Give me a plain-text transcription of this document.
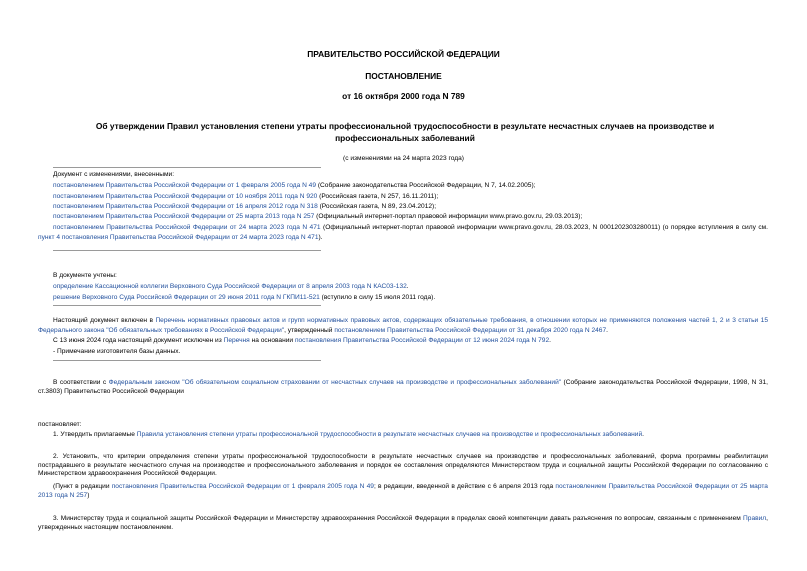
ПРАВИТЕЛЬСТВО РОССИЙСКОЙ ФЕДЕРАЦИИ
ПОСТАНОВЛЕНИЕ
от 16 октября 2000 года N 789
Об утверждении Правил установления степени утраты профессиональной трудоспособности в результате несчастных случаев на производстве и профессиональных заболеваний
(с изменениями на 24 марта 2023 года)
Документ с изменениями, внесенными:
постановлением Правительства Российской Федерации от 1 февраля 2005 года N 49 (Собрание законодательства Российской Федерации, N 7, 14.02.2005);
постановлением Правительства Российской Федерации от 10 ноября 2011 года N 920 (Российская газета, N 257, 16.11.2011);
постановлением Правительства Российской Федерации от 16 апреля 2012 года N 318 (Российская газета, N 89, 23.04.2012);
постановлением Правительства Российской Федерации от 25 марта 2013 года N 257 (Официальный интернет-портал правовой информации www.pravo.gov.ru, 29.03.2013);
постановлением Правительства Российской Федерации от 24 марта 2023 года N 471 (Официальный интернет-портал правовой информации www.pravo.gov.ru, 28.03.2023, N 0001202303280011) (о порядке вступления в силу см. пункт 4 постановления Правительства Российской Федерации от 24 марта 2023 года N 471).
В документе учтены:
определение Кассационной коллегии Верховного Суда Российской Федерации от 8 апреля 2003 года N КАС03-132.
решение Верховного Суда Российской Федерации от 29 июня 2011 года N ГКПИ11-521 (вступило в силу 15 июля 2011 года).
Настоящий документ включен в Перечень нормативных правовых актов и групп нормативных правовых актов, содержащих обязательные требования, в отношении которых не применяются положения частей 1, 2 и 3 статьи 15 Федерального закона "Об обязательных требованиях в Российской Федерации", утвержденный постановлением Правительства Российской Федерации от 31 декабря 2020 года N 2467.
С 13 июня 2024 года настоящий документ исключен из Перечня на основании постановления Правительства Российской Федерации от 12 июня 2024 года N 792.
- Примечание изготовителя базы данных.
В соответствии с Федеральным законом "Об обязательном социальном страховании от несчастных случаев на производстве и профессиональных заболеваний" (Собрание законодательства Российской Федерации, 1998, N 31, ст.3803) Правительство Российской Федерации
постановляет:
1. Утвердить прилагаемые Правила установления степени утраты профессиональной трудоспособности в результате несчастных случаев на производстве и профессиональных заболеваний.
2. Установить, что критерии определения степени утраты профессиональной трудоспособности в результате несчастных случаев на производстве и профессиональных заболеваний, форма программы реабилитации пострадавшего в результате несчастного случая на производстве и профессионального заболевания и порядок ее составления определяются Министерством труда и социальной защиты Российской Федерации по согласованию с Министерством здравоохранения Российской Федерации.
(Пункт в редакции постановления Правительства Российской Федерации от 1 февраля 2005 года N 49; в редакции, введенной в действие с 6 апреля 2013 года постановлением Правительства Российской Федерации от 25 марта 2013 года N 257)
3. Министерству труда и социальной защиты Российской Федерации и Министерству здравоохранения Российской Федерации в пределах своей компетенции давать разъяснения по вопросам, связанным с применением Правил, утвержденных настоящим постановлением.
